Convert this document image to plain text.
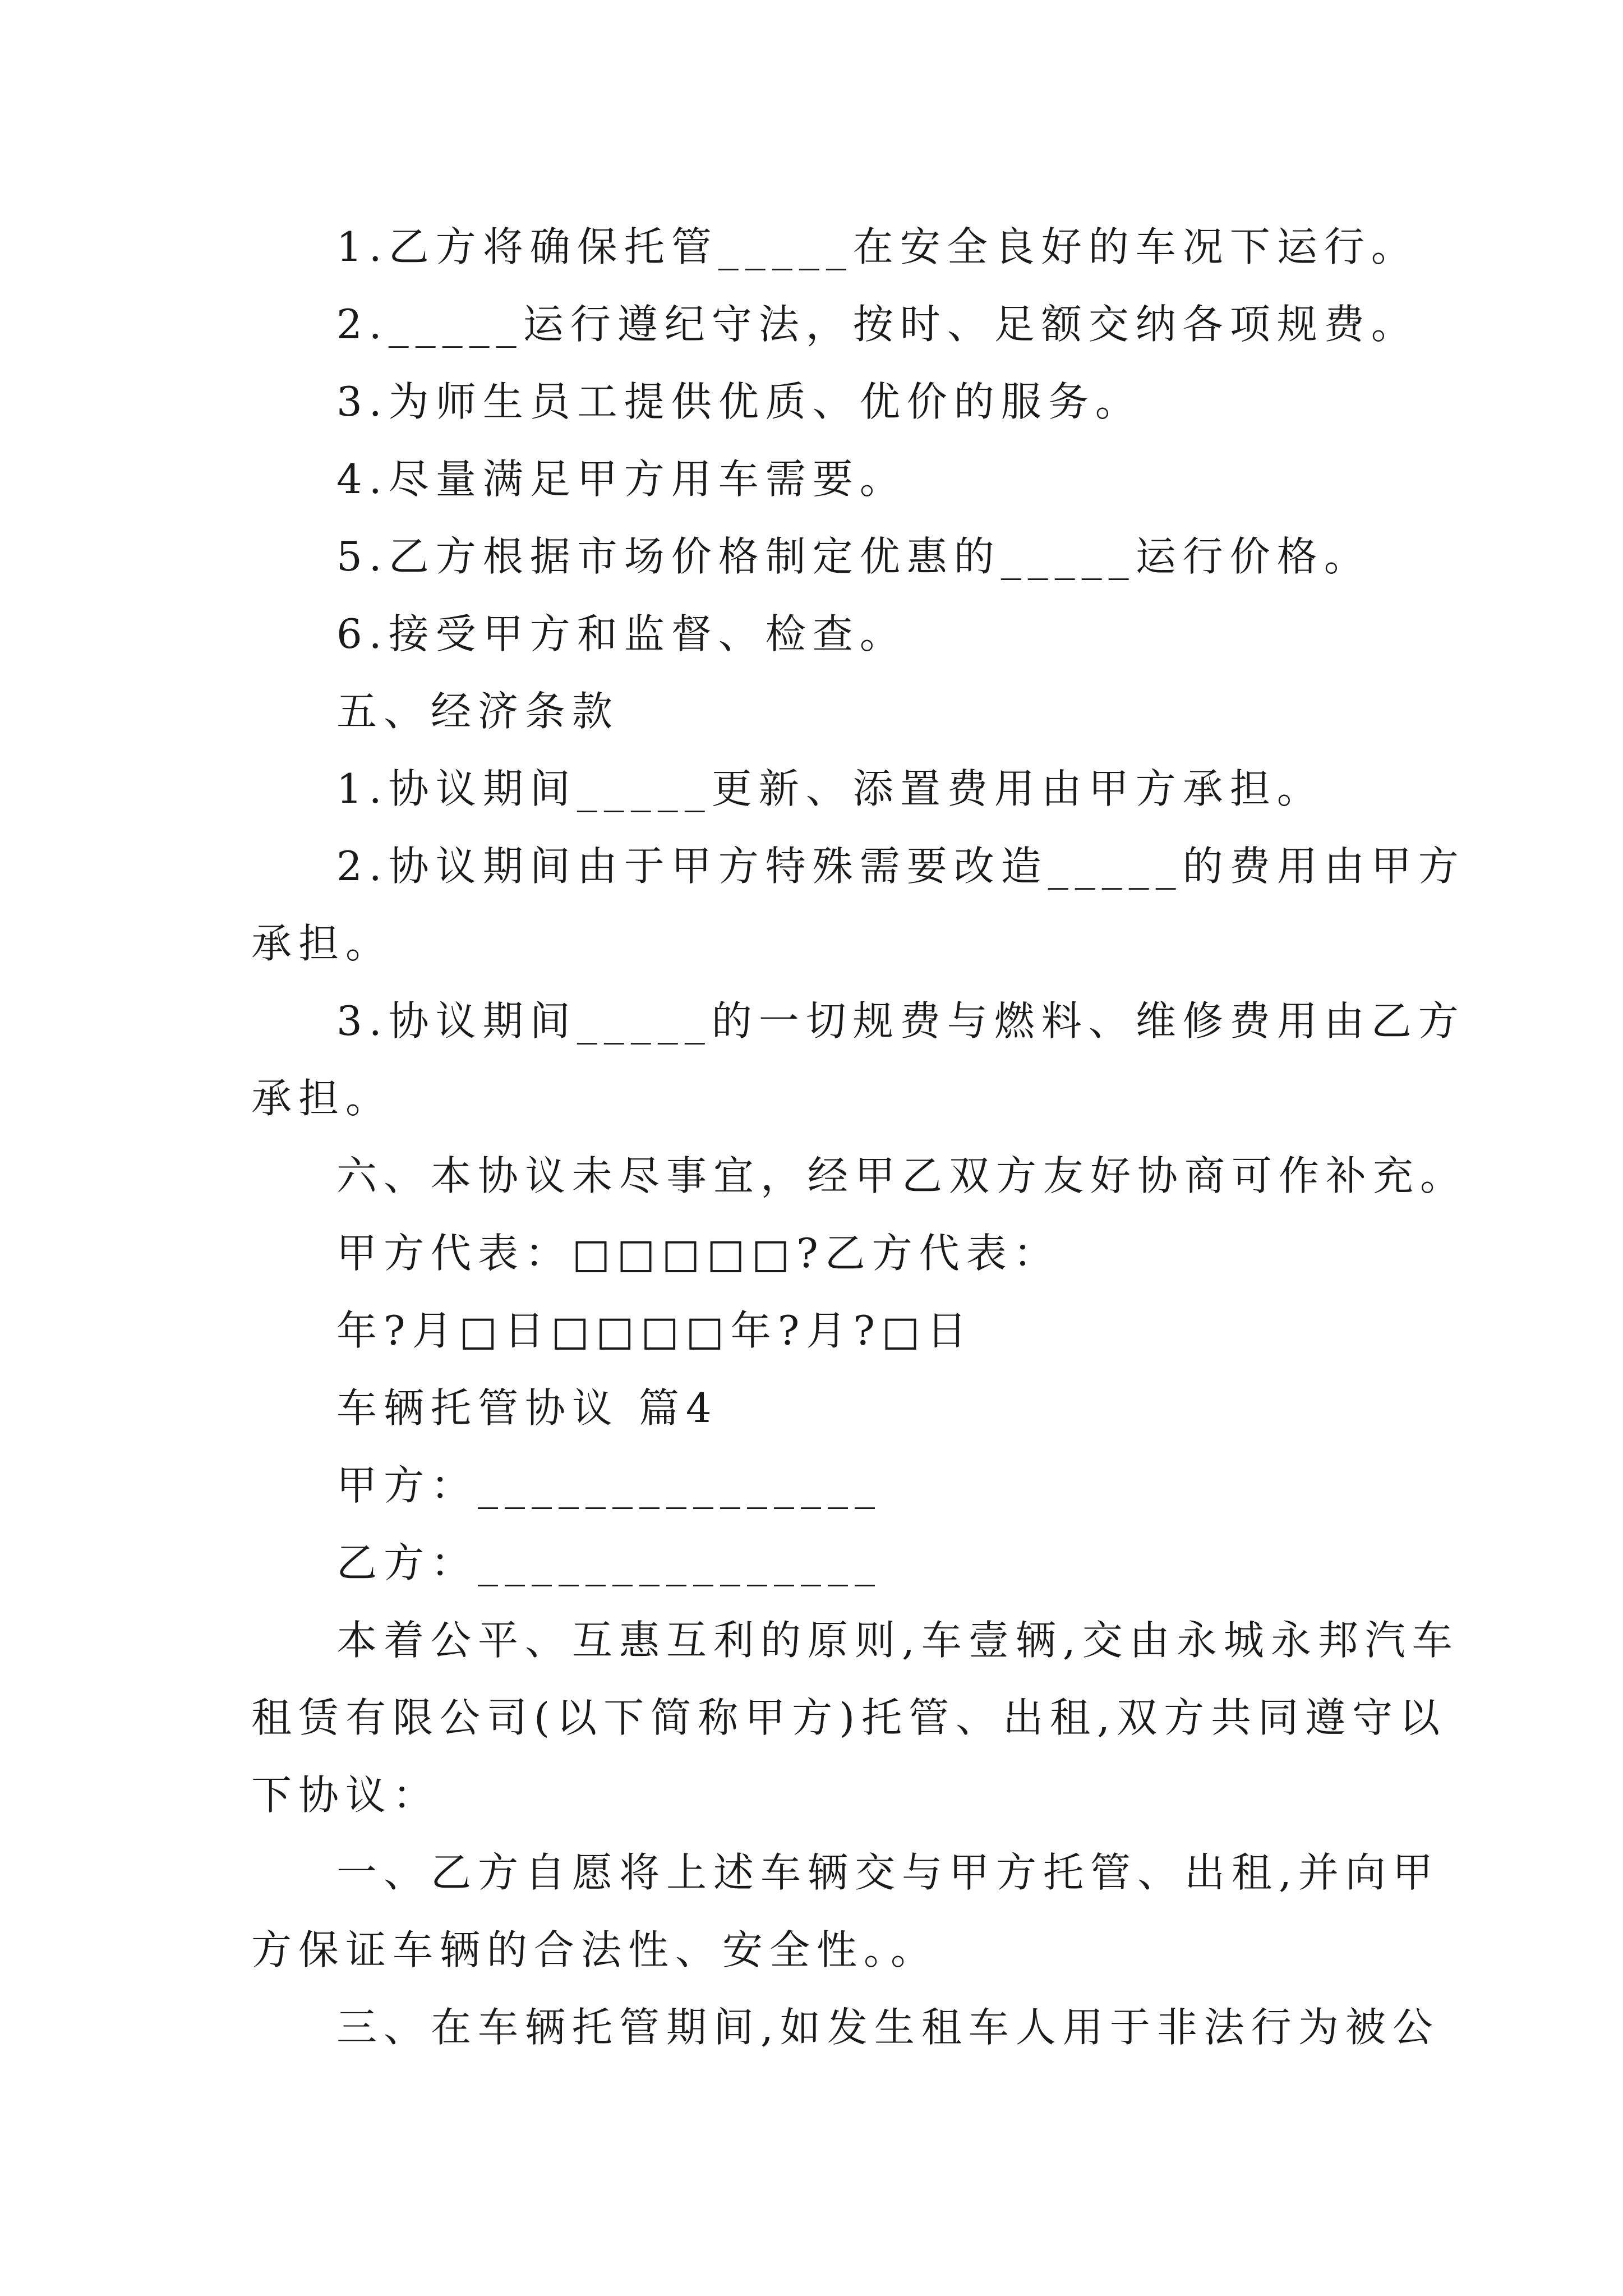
1.乙方将确保托管_____在安全良好的车况下运行。
2._____运行遵纪守法，按时、足额交纳各项规费。
3.为师生员工提供优质、优价的服务。
4.尽量满足甲方用车需要。
5.乙方根据市场价格制定优惠的_____运行价格。
6.接受甲方和监督、检查。
五、经济条款
1.协议期间_____更新、添置费用由甲方承担。
2.协议期间由于甲方特殊需要改造_____的费用由甲方
承担。
3.协议期间_____的一切规费与燃料、维修费用由乙方
承担。
六、本协议未尽事宜，经甲乙双方友好协商可作补充。
甲方代表：□□□□□?乙方代表：
年?月□日□□□□年?月?□日
车辆托管协议 篇4
甲方：_______________
乙方：_______________
本着公平、互惠互利的原则,车壹辆,交由永城永邦汽车
租赁有限公司(以下简称甲方)托管、出租,双方共同遵守以
下协议：
一、乙方自愿将上述车辆交与甲方托管、出租,并向甲
方保证车辆的合法性、安全性。。
三、在车辆托管期间,如发生租车人用于非法行为被公
